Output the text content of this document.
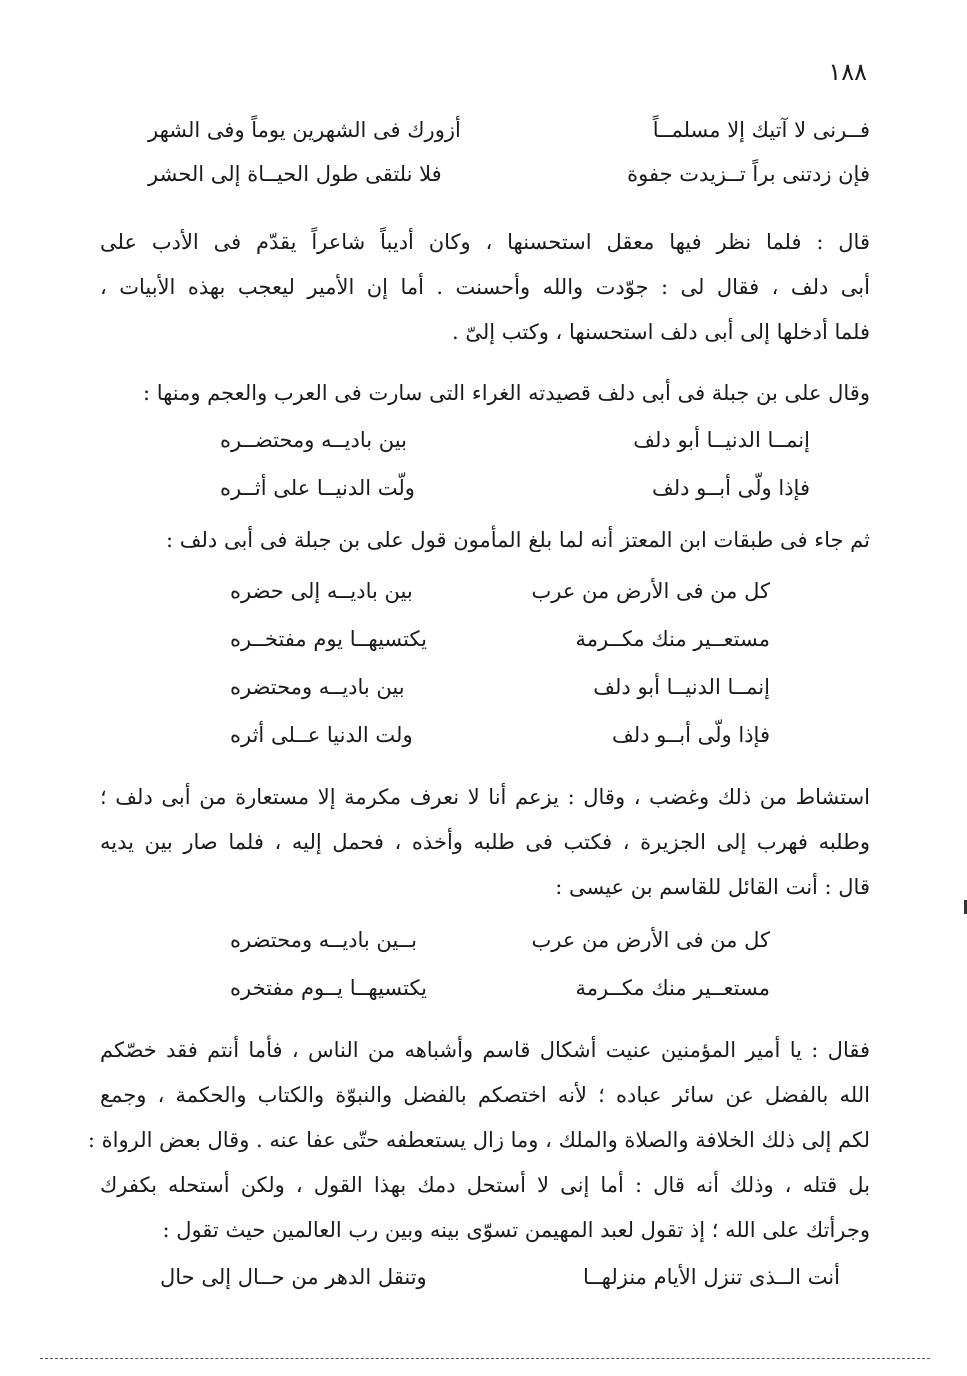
١٨٨
فــرنى لا آتيك إلا مسلمــاً
أزورك فى الشهرين يوماً وفى الشهر
فإن زدتنى براً تــزيدت جفوة
فلا نلتقى طول الحيــاة إلى الحشر
قال : فلما نظر فيها معقل استحسنها ، وكان أديباً شاعراً يقدّم فى الأدب على
أبى دلف ، فقال لى : جوّدت والله وأحسنت . أما إن الأمير ليعجب بهذه الأبيات ،
فلما أدخلها إلى أبى دلف استحسنها ، وكتب إلىّ .
وقال على بن جبلة فى أبى دلف قصيدته الغراء التى سارت فى العرب والعجم ومنها :
إنمــا الدنيــا أبو دلف
بين باديــه ومحتضــره
فإذا ولّى أبــو دلف
ولّت الدنيــا على أثــره
ثم جاء فى طبقات ابن المعتز أنه لما بلغ المأمون قول على بن جبلة فى أبى دلف :
كل من فى الأرض من عرب
بين باديــه إلى حضره
مستعــير منك مكــرمة
يكتسيهــا يوم مفتخــره
إنمــا الدنيــا أبو دلف
بين باديــه ومحتضره
فإذا ولّى أبــو دلف
ولت الدنيا عــلى أثره
استشاط من ذلك وغضب ، وقال : يزعم أنا لا نعرف مكرمة إلا مستعارة من أبى دلف ؛
وطلبه فهرب إلى الجزيرة ، فكتب فى طلبه وأخذه ، فحمل إليه ، فلما صار بين يديه
قال : أنت القائل للقاسم بن عيسى :
كل من فى الأرض من عرب
بــين باديــه ومحتضره
مستعــير منك مكــرمة
يكتسيهــا يــوم مفتخره
فقال : يا أمير المؤمنين عنيت أشكال قاسم وأشباهه من الناس ، فأما أنتم فقد خصّكم
الله بالفضل عن سائر عباده ؛ لأنه اختصكم بالفضل والنبوّة والكتاب والحكمة ، وجمع
لكم إلى ذلك الخلافة والصلاة والملك ، وما زال يستعطفه حتّى عفا عنه . وقال بعض الرواة :
بل قتله ، وذلك أنه قال : أما إنى لا أستحل دمك بهذا القول ، ولكن أستحله بكفرك
وجرأتك على الله ؛ إذ تقول لعبد المهيمن تسوّى بينه وبين رب العالمين حيث تقول :
أنت الــذى تنزل الأيام منزلهــا
وتنقل الدهر من حــال إلى حال
